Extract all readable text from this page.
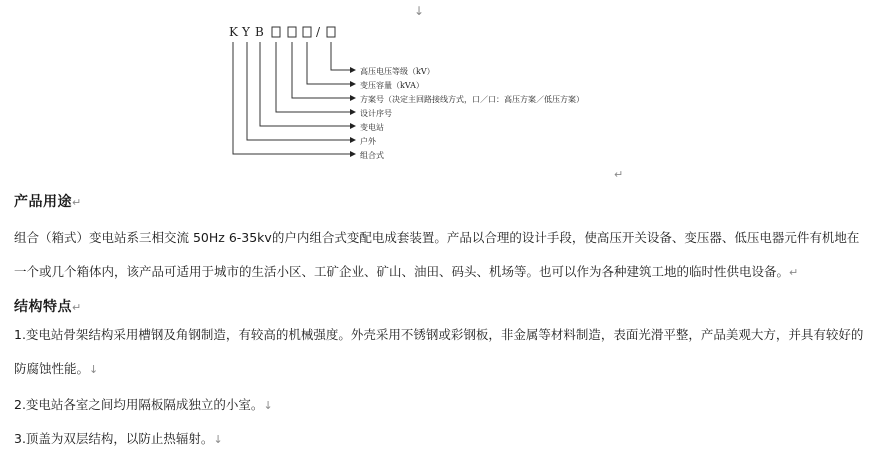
↓
K Y B	/
高压电压等级（kV）
变压容量（kVA）
方案号（决定主回路接线方式，口／口：高压方案／低压方案）
设计序号
变电站
户外
组合式
↵
产品用途↵

组合（箱式）变电站系三相交流 50Hz 6-35kv的户内组合式变配电成套装置。产品以合理的设计手段，使高压开关设备、变压器、低压电器元件有机地在一个或几个箱体内，该产品可适用于城市的生活小区、工矿企业、矿山、油田、码头、机场等。也可以作为各种建筑工地的临时性供电设备。↵

结构特点↵

1.变电站骨架结构采用槽钢及角钢制造，有较高的机械强度。外壳采用不锈钢或彩钢板，非金属等材料制造，表面光滑平整，产品美观大方，并具有较好的防腐蚀性能。↓

2.变电站各室之间均用隔板隔成独立的小室。↓

3.顶盖为双层结构，以防止热辐射。↓
